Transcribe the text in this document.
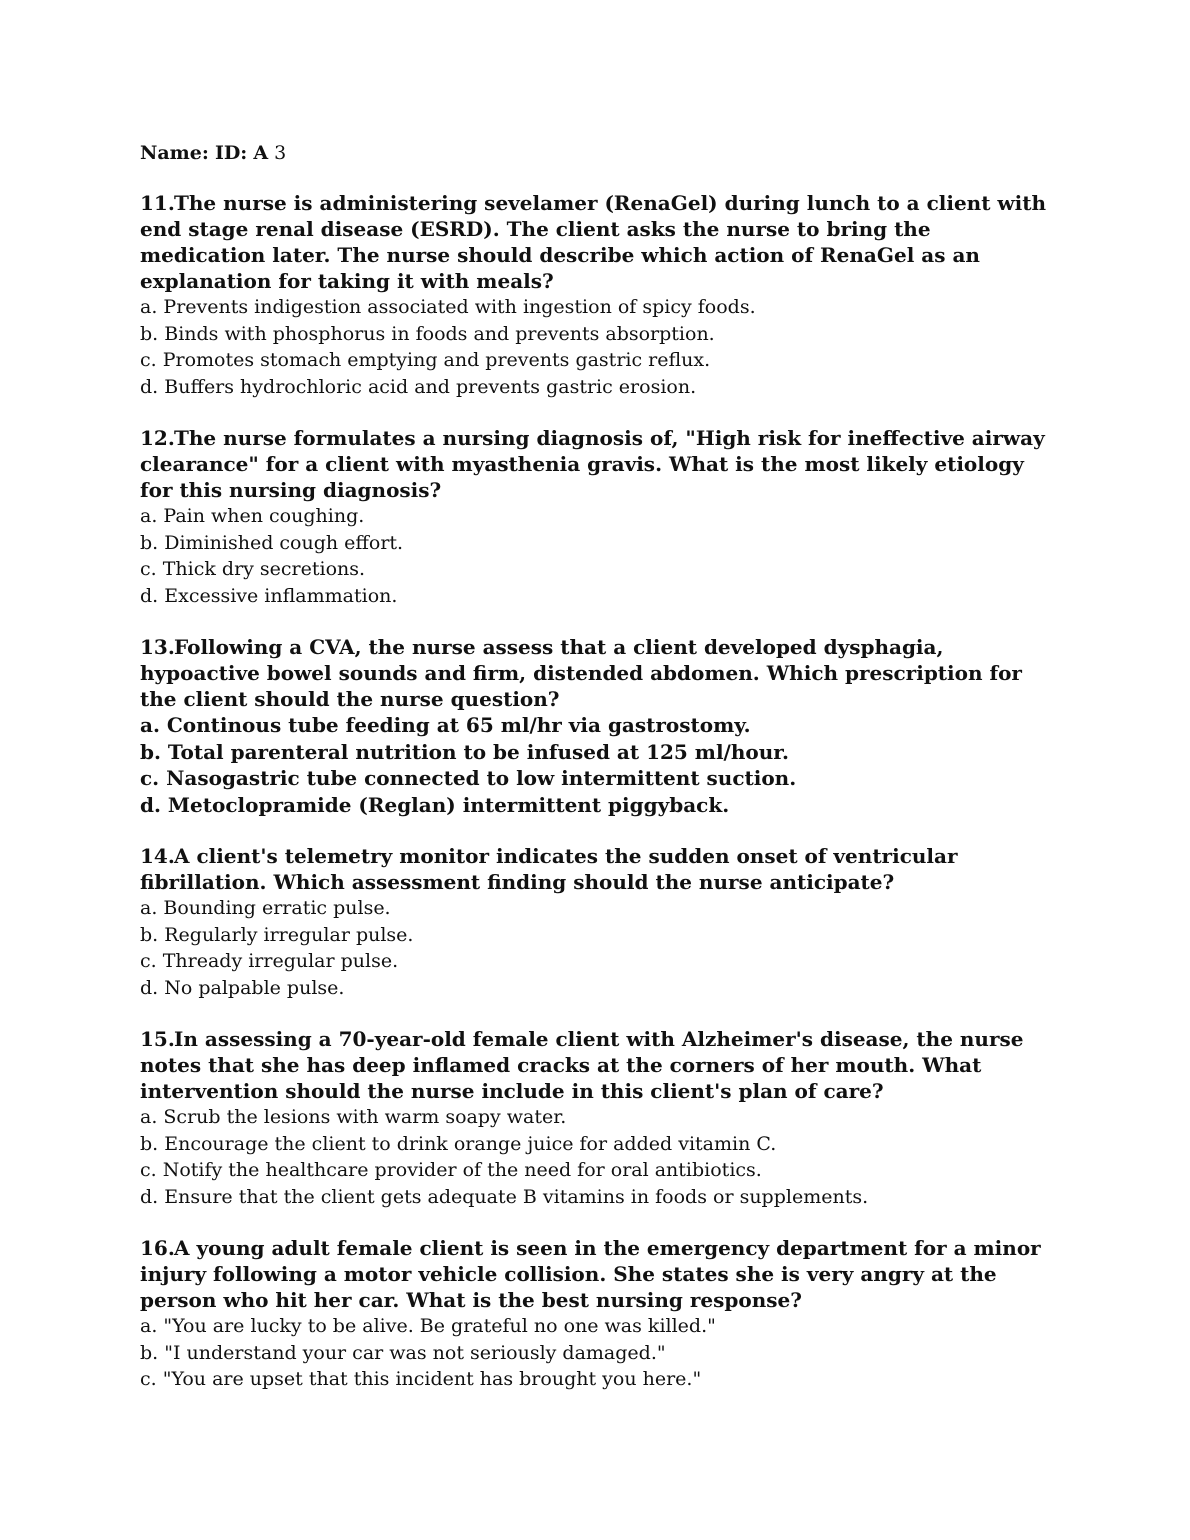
Name: ID: A 3

11.The nurse is administering sevelamer (RenaGel) during lunch to a client with end stage renal disease (ESRD). The client asks the nurse to bring the medication later. The nurse should describe which action of RenaGel as an explanation for taking it with meals?

a. Prevents indigestion associated with ingestion of spicy foods.

b. Binds with phosphorus in foods and prevents absorption.

c. Promotes stomach emptying and prevents gastric reflux.

d. Buffers hydrochloric acid and prevents gastric erosion.

12.The nurse formulates a nursing diagnosis of, "High risk for ineffective airway clearance" for a client with myasthenia gravis. What is the most likely etiology for this nursing diagnosis?

a. Pain when coughing.

b. Diminished cough effort.

c. Thick dry secretions.

d. Excessive inflammation.

13.Following a CVA, the nurse assess that a client developed dysphagia, hypoactive bowel sounds and firm, distended abdomen. Which prescription for the client should the nurse question?

a. Continous tube feeding at 65 ml/hr via gastrostomy.

b. Total parenteral nutrition to be infused at 125 ml/hour.

c. Nasogastric tube connected to low intermittent suction.

d. Metoclopramide (Reglan) intermittent piggyback.

14.A client's telemetry monitor indicates the sudden onset of ventricular fibrillation. Which assessment finding should the nurse anticipate?

a. Bounding erratic pulse.

b. Regularly irregular pulse.

c. Thready irregular pulse.

d. No palpable pulse.

15.In assessing a 70-year-old female client with Alzheimer's disease, the nurse notes that she has deep inflamed cracks at the corners of her mouth. What intervention should the nurse include in this client's plan of care?

a. Scrub the lesions with warm soapy water.

b. Encourage the client to drink orange juice for added vitamin C.

c. Notify the healthcare provider of the need for oral antibiotics.

d. Ensure that the client gets adequate B vitamins in foods or supplements.

16.A young adult female client is seen in the emergency department for a minor injury following a motor vehicle collision. She states she is very angry at the person who hit her car. What is the best nursing response?

a. "You are lucky to be alive. Be grateful no one was killed."

b. "I understand your car was not seriously damaged."

c. "You are upset that this incident has brought you here."
